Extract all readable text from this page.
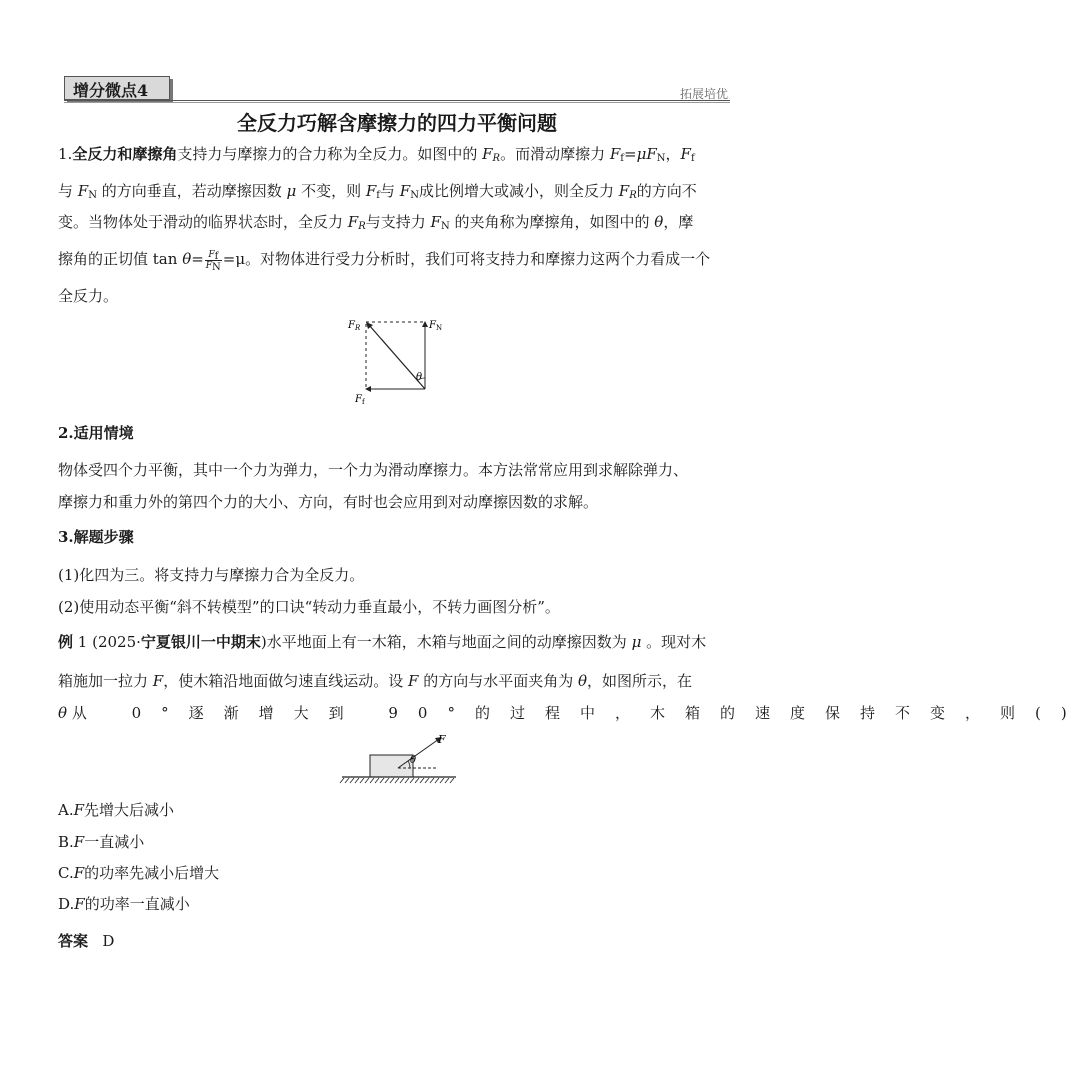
增分微点4	拓展培优
全反力巧解含摩擦力的四力平衡问题
1.全反力和摩擦角支持力与摩擦力的合力称为全反力。如图中的 $F_R$。而滑动摩擦力 $F_f=\mu F_N$，$F_f$
与 $F_N$ 的方向垂直，若动摩擦因数 μ 不变，则 $F_f$与 $F_N$成比例增大或减小，则全反力 $F_R$的方向不
变。当物体处于滑动的临界状态时，全反力 $F_R$与支持力 $F_N$ 的夹角称为摩擦角，如图中的 θ，摩
擦角的正切值 $\tan \theta= \frac{F_f}{F_N} =\mu$。对物体进行受力分析时，我们可将支持力和摩擦力这两个力看成一个
全反力。
$F_R$	$F_N$
$F_f$
θ
2.适用情境
物体受四个力平衡，其中一个力为弹力，一个力为滑动摩擦力。本方法常常应用到求解除弹力、
摩擦力和重力外的第四个力的大小、方向，有时也会应用到对动摩擦因数的求解。
3.解题步骤
(1)化四为三。将支持力与摩擦力合为全反力。
(2)使用动态平衡“斜不转模型”的口诀“转动力垂直最小，不转力画图分析”。
例 1 (2025·宁夏银川一中期末)水平地面上有一木箱，木箱与地面之间的动摩擦因数为 μ 。现对木
箱施加一拉力 F，使木箱沿地面做匀速直线运动。设 F 的方向与水平面夹角为 θ，如图所示，在
θ 从 0°逐渐增大到 90°的过程中，木箱的速度保持不变，则()
F
θ
A.F先增大后减小
B.F一直减小
C.F的功率先减小后增大
D.F的功率一直减小
答案 D
